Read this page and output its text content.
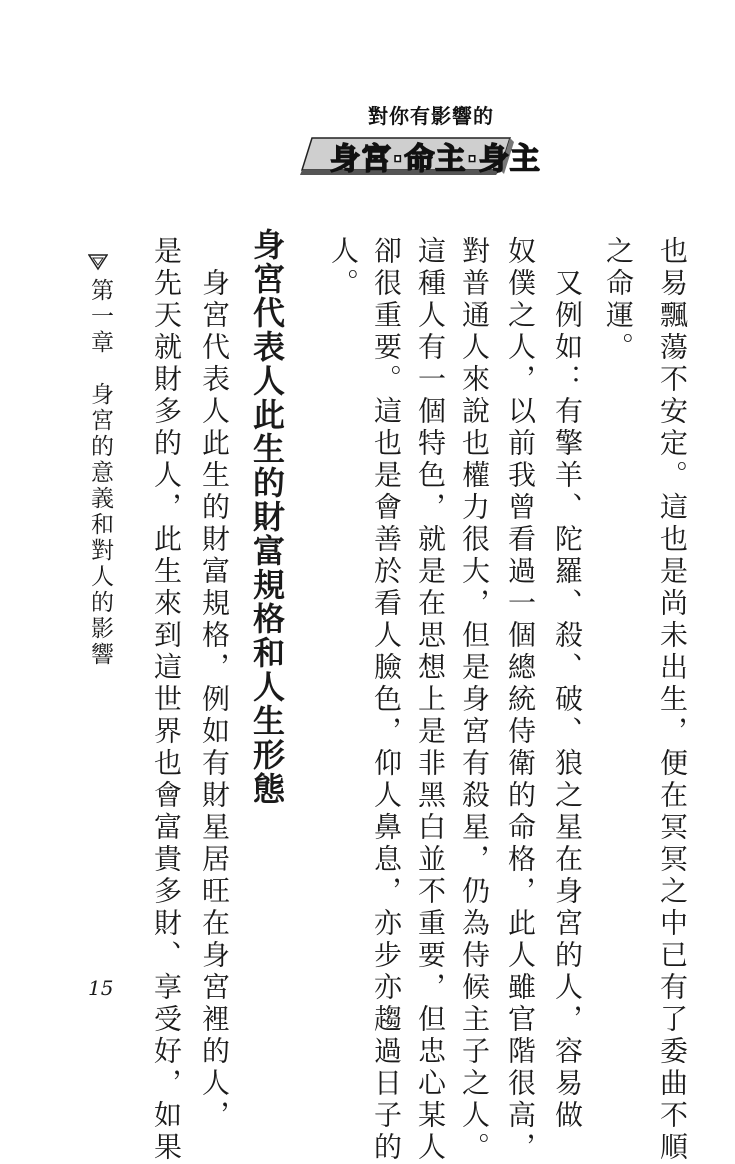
對你有影響的
身宮·命主·身主
也易飄蕩不安定。這也是尚未出生，便在冥冥之中已有了委曲不順
之命運。
　又例如：有擎羊、陀羅、殺、破、狼之星在身宮的人，容易做
奴僕之人，以前我曾看過一個總統侍衛的命格，此人雖官階很高，
對普通人來說也權力很大，但是身宮有殺星，仍為侍候主子之人。
這種人有一個特色，就是在思想上是非黑白並不重要，但忠心某人
卻很重要。這也是會善於看人臉色，仰人鼻息，亦步亦趨過日子的
人。
身宮代表人此生的財富規格和人生形態
　身宮代表人此生的財富規格，例如有財星居旺在身宮裡的人，
是先天就財多的人，此生來到這世界也會富貴多財、享受好，如果
第一章　身宮的意義和對人的影響
15
